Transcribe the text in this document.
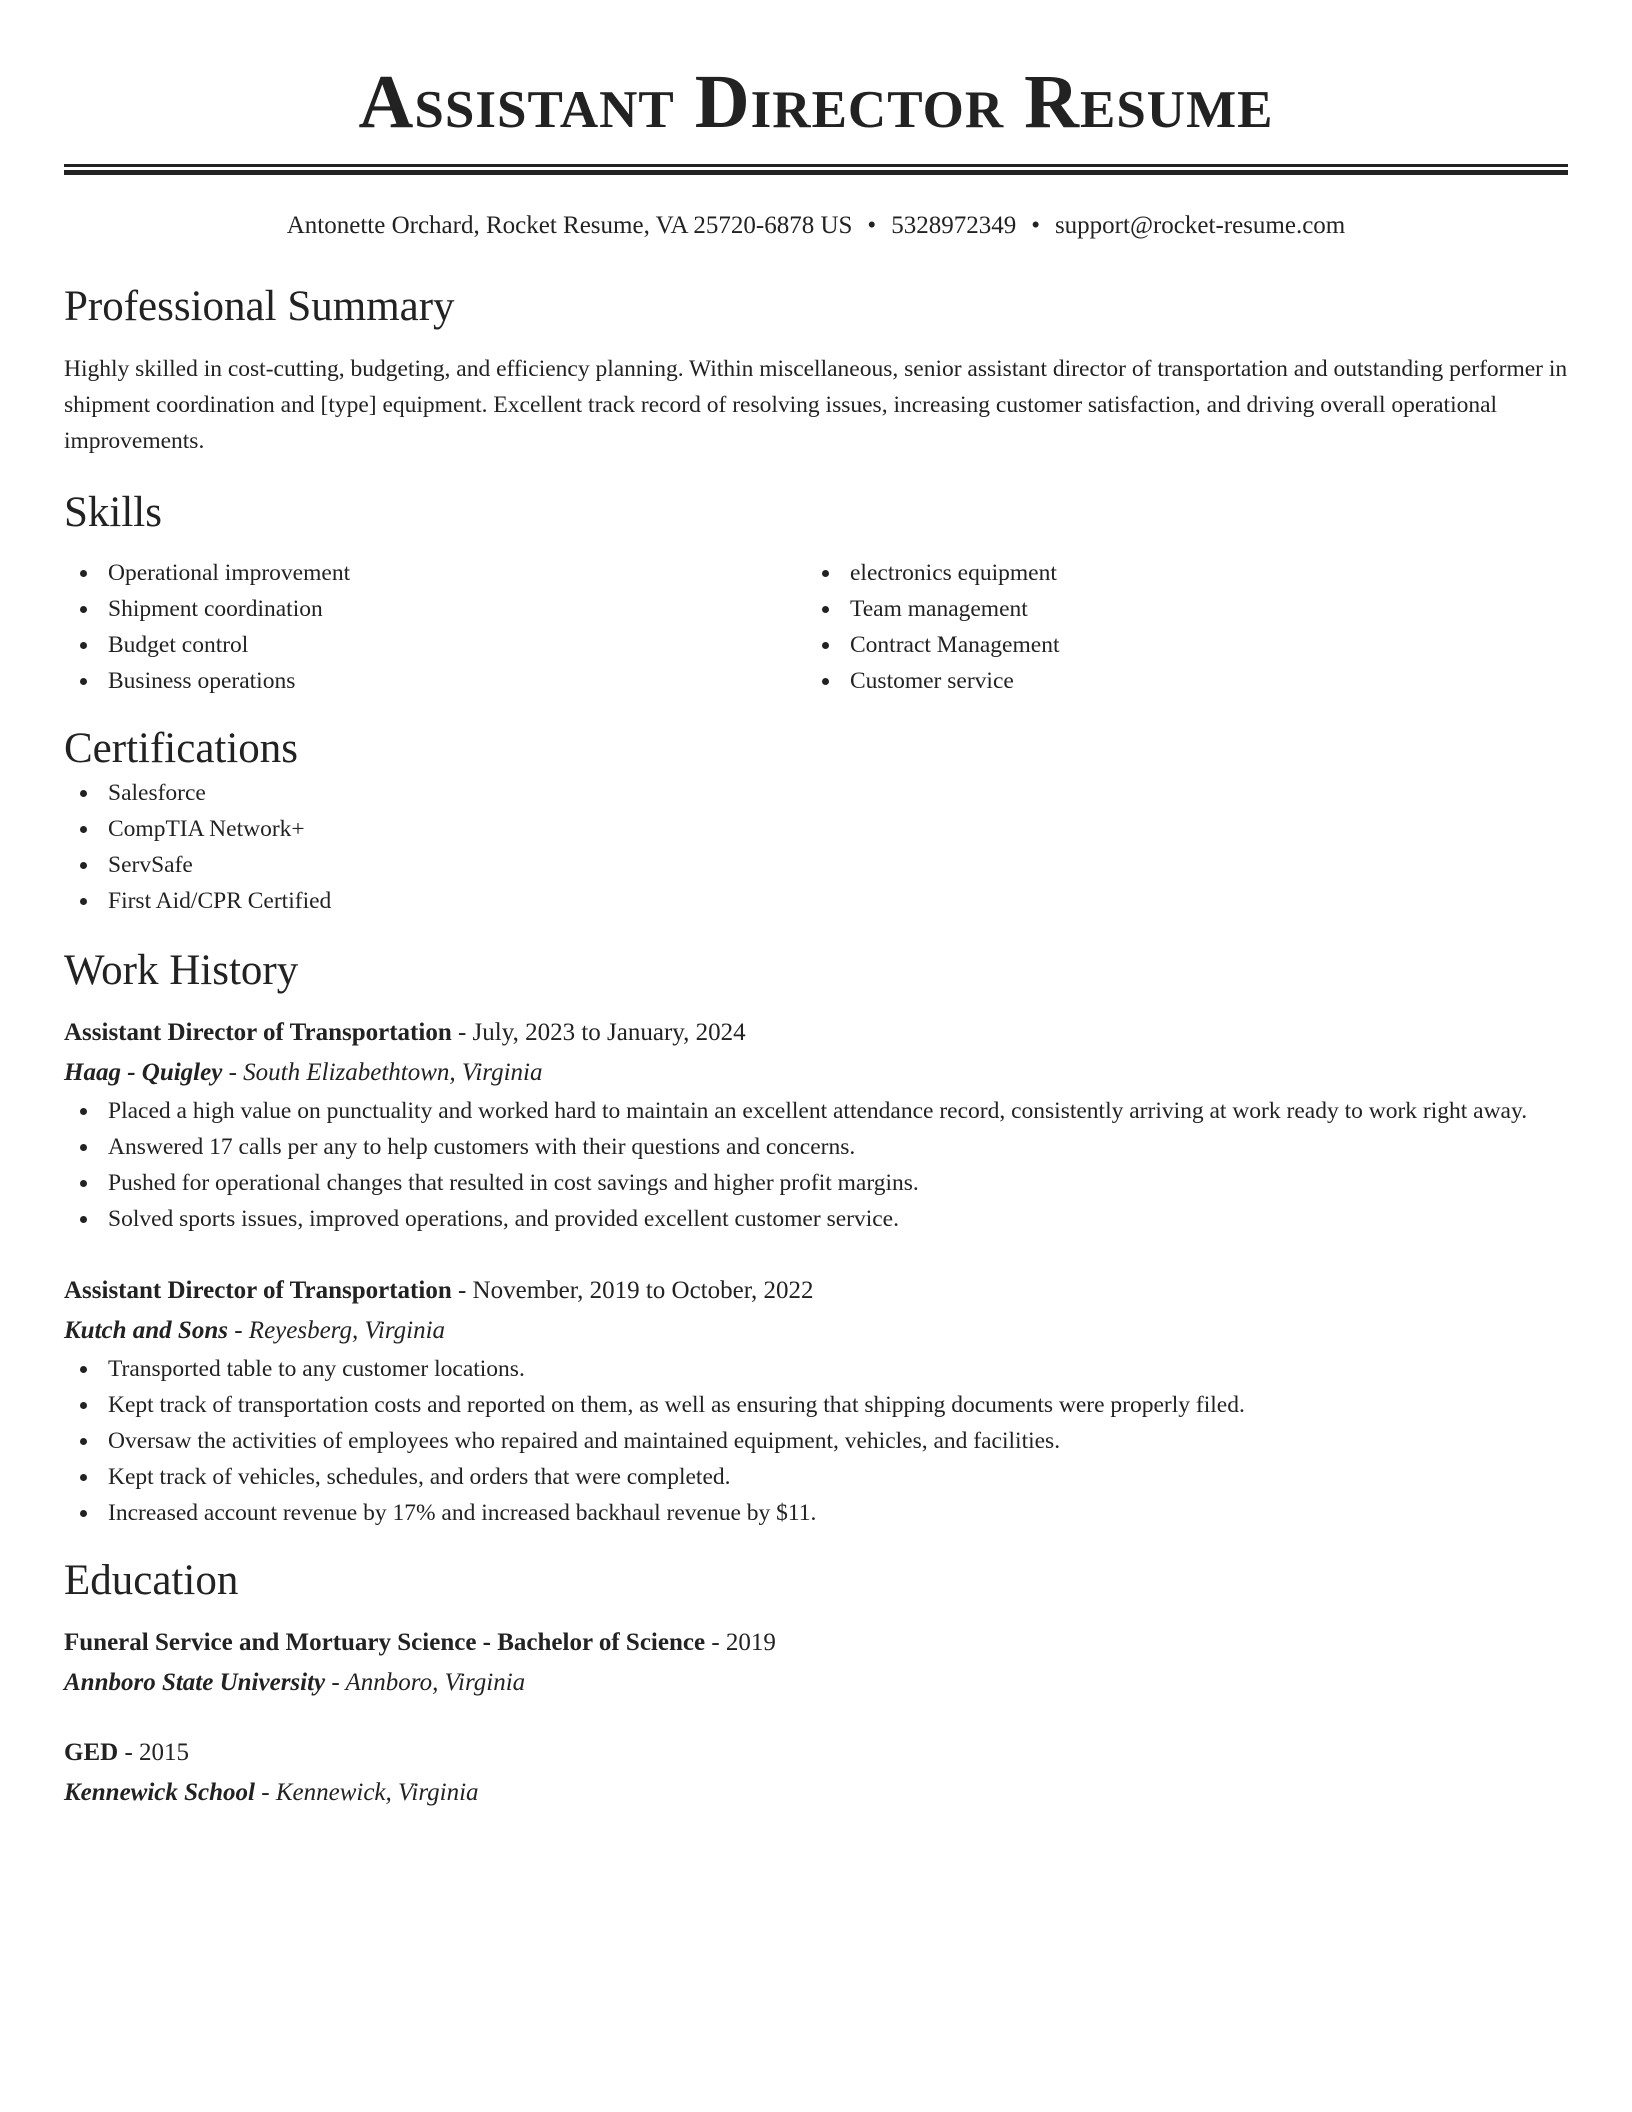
Assistant Director Resume
Antonette Orchard, Rocket Resume, VA 25720-6878 US • 5328972349 • support@rocket-resume.com
Professional Summary

Highly skilled in cost-cutting, budgeting, and efficiency planning. Within miscellaneous, senior assistant director of transportation and outstanding performer in shipment coordination and [type] equipment. Excellent track record of resolving issues, increasing customer satisfaction, and driving overall operational improvements.

Skills
Operational improvement
Shipment coordination
Budget control
Business operations
electronics equipment
Team management
Contract Management
Customer service
Certifications
Salesforce
CompTIA Network+
ServSafe
First Aid/CPR Certified
Work History
Assistant Director of Transportation - July, 2023 to January, 2024
Haag - Quigley - South Elizabethtown, Virginia
Placed a high value on punctuality and worked hard to maintain an excellent attendance record, consistently arriving at work ready to work right away.
Answered 17 calls per any to help customers with their questions and concerns.
Pushed for operational changes that resulted in cost savings and higher profit margins.
Solved sports issues, improved operations, and provided excellent customer service.
Assistant Director of Transportation - November, 2019 to October, 2022
Kutch and Sons - Reyesberg, Virginia
Transported table to any customer locations.
Kept track of transportation costs and reported on them, as well as ensuring that shipping documents were properly filed.
Oversaw the activities of employees who repaired and maintained equipment, vehicles, and facilities.
Kept track of vehicles, schedules, and orders that were completed.
Increased account revenue by 17% and increased backhaul revenue by $11.
Education
Funeral Service and Mortuary Science - Bachelor of Science - 2019
Annboro State University - Annboro, Virginia
GED - 2015
Kennewick School - Kennewick, Virginia
